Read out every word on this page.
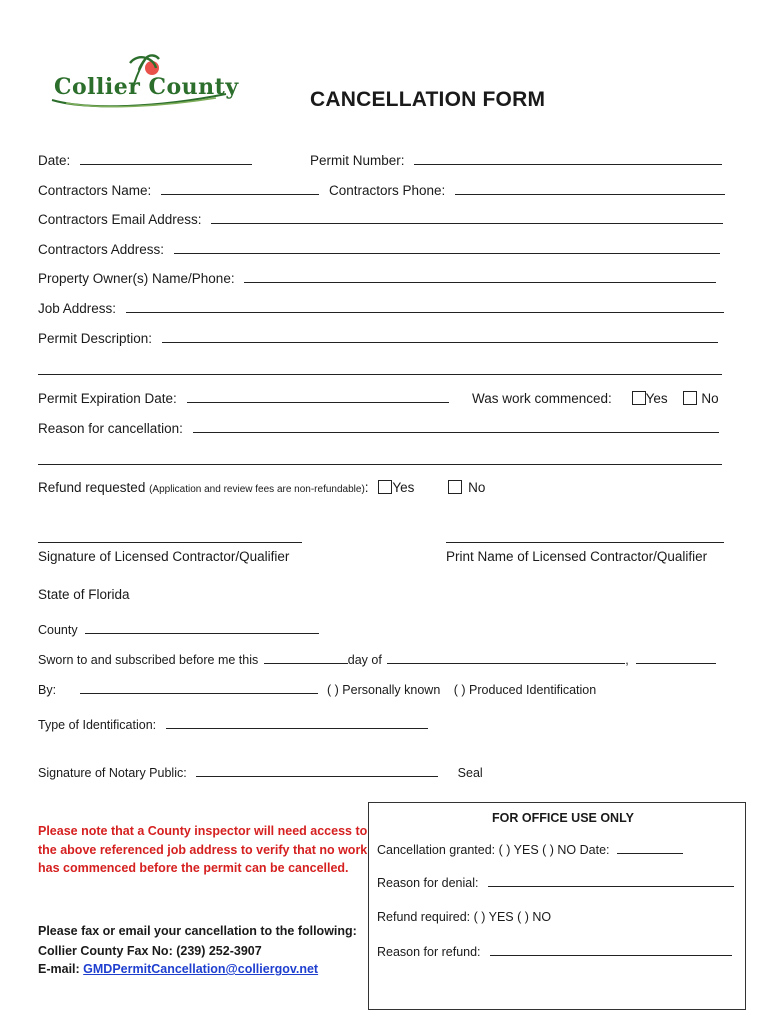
Collier County	CANCELLATION FORM
Date:	Permit Number:
Contractors Name:	Contractors Phone:
Contractors Email Address:
Contractors Address:
Property Owner(s) Name/Phone:
Job Address:
Permit Description:
Permit Expiration Date:	Was work commenced:	Yes	No
Reason for cancellation:
Refund requested (Application and review fees are non-refundable): Yes	No
Signature of Licensed Contractor/Qualifier	Print Name of Licensed Contractor/Qualifier
State of Florida
County
Sworn to and subscribed before me this	day of	,
By:	( ) Personally known ( ) Produced Identification
Type of Identification:
Signature of Notary Public:	Seal
Please note that a County inspector will need access to
the above referenced job address to verify that no work
has commenced before the permit can be cancelled.
Please fax or email your cancellation to the following:
Collier County Fax No: (239) 252-3907
E-mail: GMDPermitCancellation@colliergov.net
FOR OFFICE USE ONLY
Cancellation granted: ( ) YES ( ) NO Date:
Reason for denial:
Refund required: ( ) YES ( ) NO
Reason for refund:
